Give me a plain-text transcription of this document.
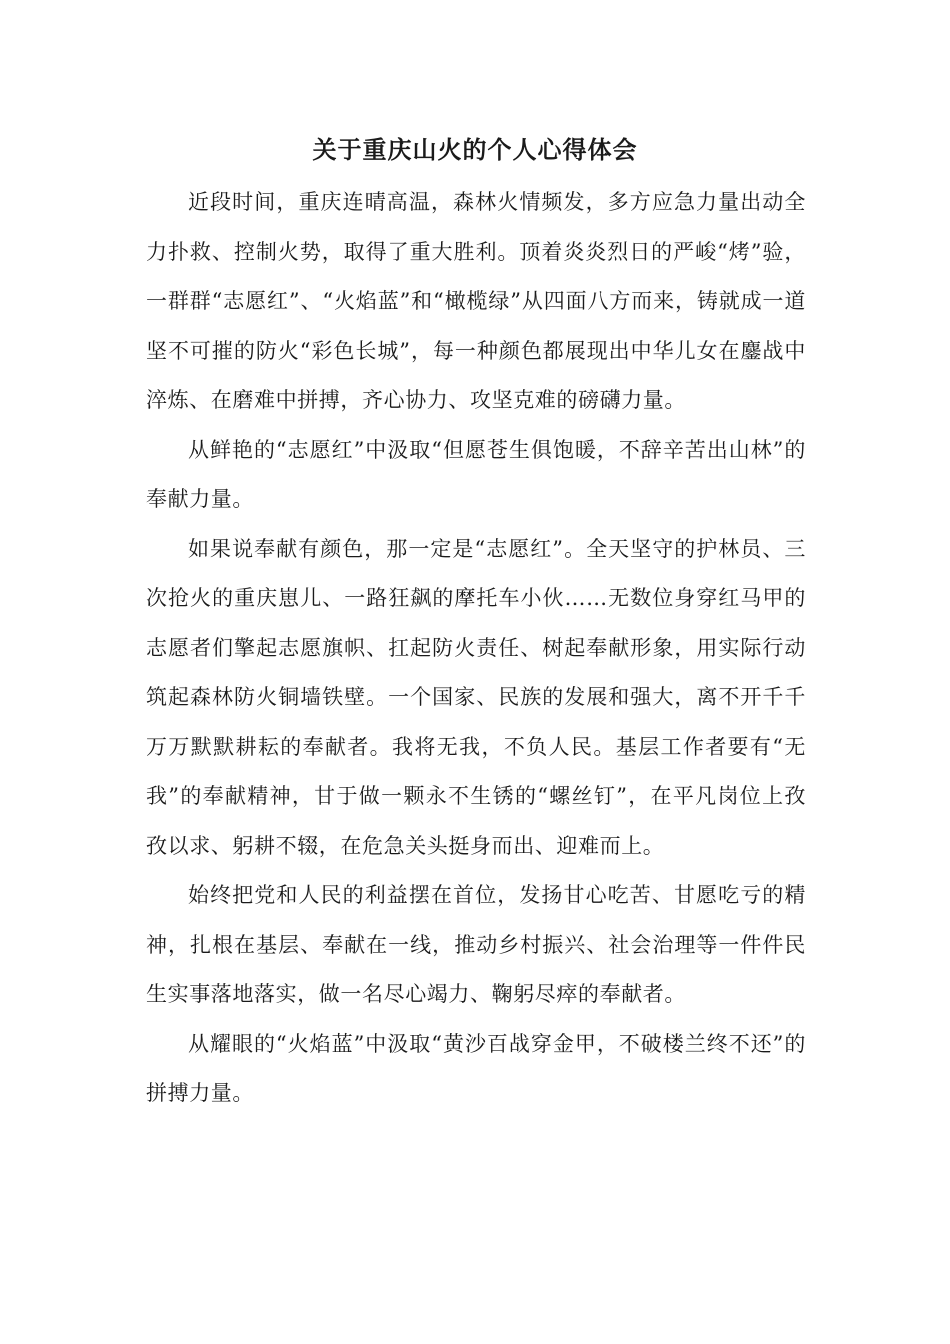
关于重庆山火的个人心得体会

近段时间，重庆连晴高温，森林火情频发，多方应急力量出动全力扑救、控制火势，取得了重大胜利。顶着炎炎烈日的严峻“烤”验，一群群“志愿红”、“火焰蓝”和“橄榄绿”从四面八方而来，铸就成一道坚不可摧的防火“彩色长城”，每一种颜色都展现出中华儿女在鏖战中淬炼、在磨难中拼搏，齐心协力、攻坚克难的磅礴力量。

从鲜艳的“志愿红”中汲取“但愿苍生俱饱暖，不辞辛苦出山林”的奉献力量。

如果说奉献有颜色，那一定是“志愿红”。全天坚守的护林员、三次抢火的重庆崽儿、一路狂飙的摩托车小伙……无数位身穿红马甲的志愿者们擎起志愿旗帜、扛起防火责任、树起奉献形象，用实际行动筑起森林防火铜墙铁壁。一个国家、民族的发展和强大，离不开千千万万默默耕耘的奉献者。我将无我，不负人民。基层工作者要有“无我”的奉献精神，甘于做一颗永不生锈的“螺丝钉”，在平凡岗位上孜孜以求、躬耕不辍，在危急关头挺身而出、迎难而上。

始终把党和人民的利益摆在首位，发扬甘心吃苦、甘愿吃亏的精神，扎根在基层、奉献在一线，推动乡村振兴、社会治理等一件件民生实事落地落实，做一名尽心竭力、鞠躬尽瘁的奉献者。

从耀眼的“火焰蓝”中汲取“黄沙百战穿金甲，不破楼兰终不还”的拼搏力量。
